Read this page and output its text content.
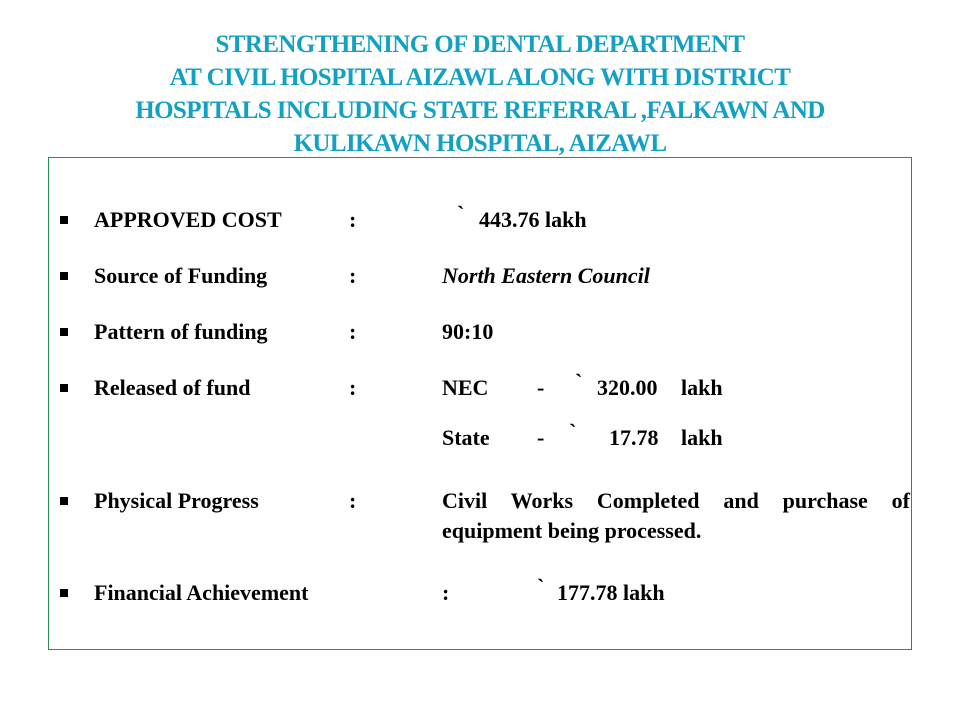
STRENGTHENING OF DENTAL DEPARTMENT
AT CIVIL HOSPITAL AIZAWL ALONG WITH DISTRICT
HOSPITALS INCLUDING STATE REFERRAL ,FALKAWN AND
KULIKAWN HOSPITAL, AIZAWL
APPROVED COST	:	` 443.76 lakh
Source of Funding	:	North Eastern Council
Pattern of funding	:	90:10
Released of fund	:	NEC - ` 320.00 lakh
State - ` 17.78 lakh
Physical Progress	:	Civil Works Completed and purchase of
equipment being processed.
Financial Achievement	:	` 177.78 lakh
